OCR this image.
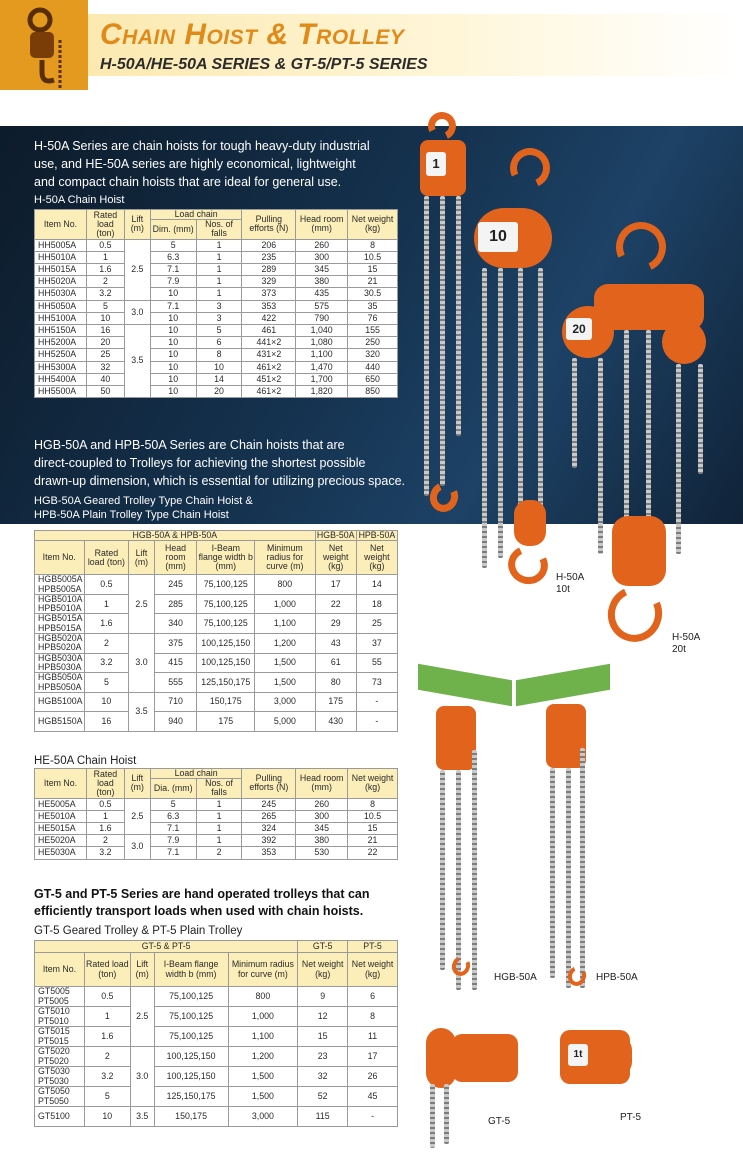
Chain Hoist & Trolley
H-50A/HE-50A SERIES & GT-5/PT-5 SERIES
H-50A Series are chain hoists for tough heavy-duty industrial
use, and HE-50A series are highly economical, lightweight
and compact chain hoists that are ideal for general use.
H-50A Chain Hoist
Item No.	Rated load (ton)	Lift (m)	Load chain		Pulling efforts (N)	Head room (mm)	Net weight (kg)
			Dim. (mm)	Nos. of falls			
HH5005A	0.5	2.5	5	1	206	260	8
HH5010A	1		6.3	1	235	300	10.5
HH5015A	1.6		7.1	1	289	345	15
HH5020A	2		7.9	1	329	380	21
HH5030A	3.2		10	1	373	435	30.5
HH5050A	5	3.0	7.1	3	353	575	35
HH5100A	10		10	3	422	790	76
HH5150A	16	3.5	10	5	461	1,040	155
HH5200A	20		10	6	441×2	1,080	250
HH5250A	25		10	8	431×2	1,100	320
HH5300A	32		10	10	461×2	1,470	440
HH5400A	40		10	14	451×2	1,700	650
HH5500A	50		10	20	461×2	1,820	850
HGB-50A and HPB-50A Series are Chain hoists that are
direct-coupled to Trolleys for achieving the shortest possible
drawn-up dimension, which is essential for utilizing precious space.
HGB-50A Geared Trolley Type Chain Hoist &
HPB-50A Plain Trolley Type Chain Hoist
HGB-50A & HPB-50A						HGB-50A	HPB-50A
Item No.	Rated load (ton)	Lift (m)	Head room (mm)	I-Beam flange width b (mm)	Minimum radius for curve (m)	Net weight (kg)	Net weight (kg)

HGB5005A
HPB5005A	0.5	2.5	245	75,100,125	800	17	14

HGB5010A
HPB5010A	1		285	75,100,125	1,000	22	18

HGB5015A
HPB5015A	1.6		340	75,100,125	1,100	29	25

HGB5020A
HPB5020A	2	3.0	375	100,125,150	1,200	43	37

HGB5030A
HPB5030A	3.2		415	100,125,150	1,500	61	55

HGB5050A
HPB5050A	5		555	125,150,175	1,500	80	73

HGB5100A	10	3.5	710	150,175	3,000	175	-

HGB5150A	16		940	175	5,000	430	-
HE-50A Chain Hoist
Item No.	Rated load (ton)	Lift (m)	Load chain		Pulling efforts (N)	Head room (mm)	Net weight (kg)
			Dia. (mm)	Nos. of falls			
HE5005A	0.5	2.5	5	1	245	260	8
HE5010A	1		6.3	1	265	300	10.5
HE5015A	1.6		7.1	1	324	345	15
HE5020A	2	3.0	7.9	1	392	380	21
HE5030A	3.2		7.1	2	353	530	22
GT-5 and PT-5 Series are hand operated trolleys that can
efficiently transport loads when used with chain hoists.
GT-5 Geared Trolley & PT-5 Plain Trolley
GT-5 & PT-5					GT-5	PT-5
Item No.	Rated load (ton)	Lift (m)	I-Beam flange width b (mm)	Minimum radius for curve (m)	Net weight (kg)	Net weight (kg)

GT5005
PT5005	0.5	2.5	75,100,125	800	9	6

GT5010
PT5010	1		75,100,125	1,000	12	8

GT5015
PT5015	1.6		75,100,125	1,100	15	11

GT5020
PT5020	2	3.0	100,125,150	1,200	23	17

GT5030
PT5030	3.2		100,125,150	1,500	32	26

GT5050
PT5050	5		125,150,175	1,500	52	45
GT5100	10	3.5	150,175	3,000	115	-
1
H-50A
1t
10
H-50A
10t
20
H-50A
20t
HGB-50A	HPB-50A
GT-5
1t
PT-5
